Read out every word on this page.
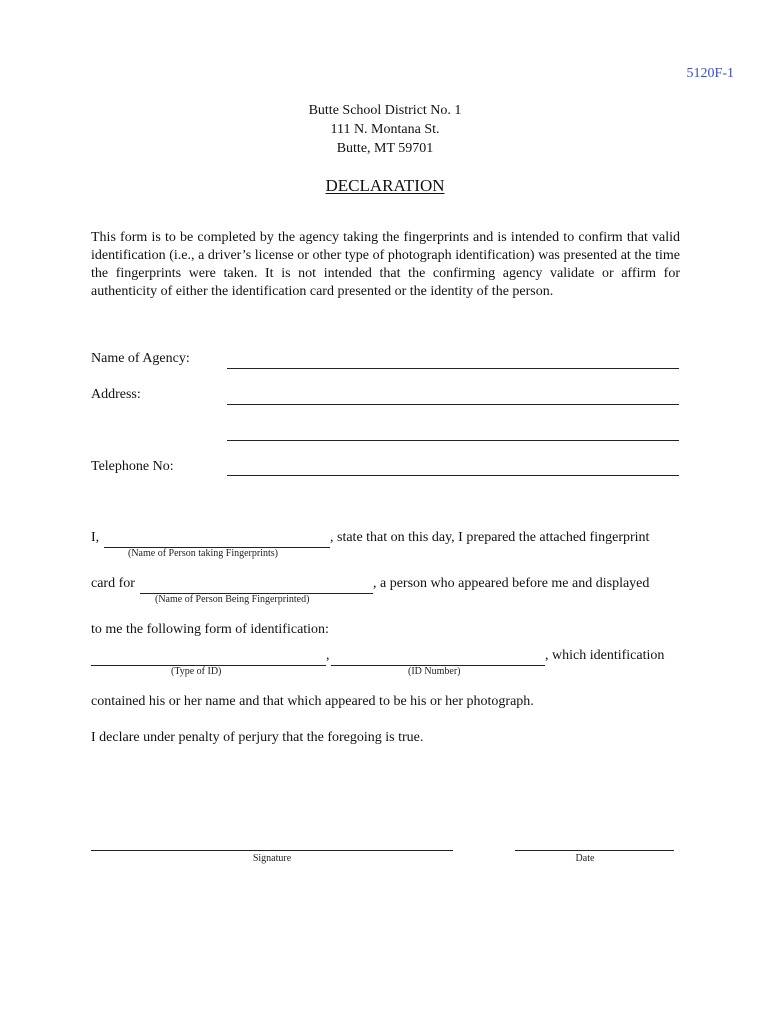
5120F-1
Butte School District No. 1
111 N. Montana St.
Butte, MT 59701
DECLARATION
This form is to be completed by the agency taking the fingerprints and is intended to confirm that valid identification (i.e., a driver’s license or other type of photograph identification) was presented at the time the fingerprints were taken. It is not intended that the confirming agency validate or affirm for authenticity of either the identification card presented or the identity of the person.
Name of Agency:
Address:
Telephone No:
I,	, state that on this day, I prepared the attached fingerprint
(Name of Person taking Fingerprints)
card for	, a person who appeared before me and displayed
(Name of Person Being Fingerprinted)
to me the following form of identification:
,	, which identification
(Type of ID)	(ID Number)
contained his or her name and that which appeared to be his or her photograph.
I declare under penalty of perjury that the foregoing is true.
Signature	Date
